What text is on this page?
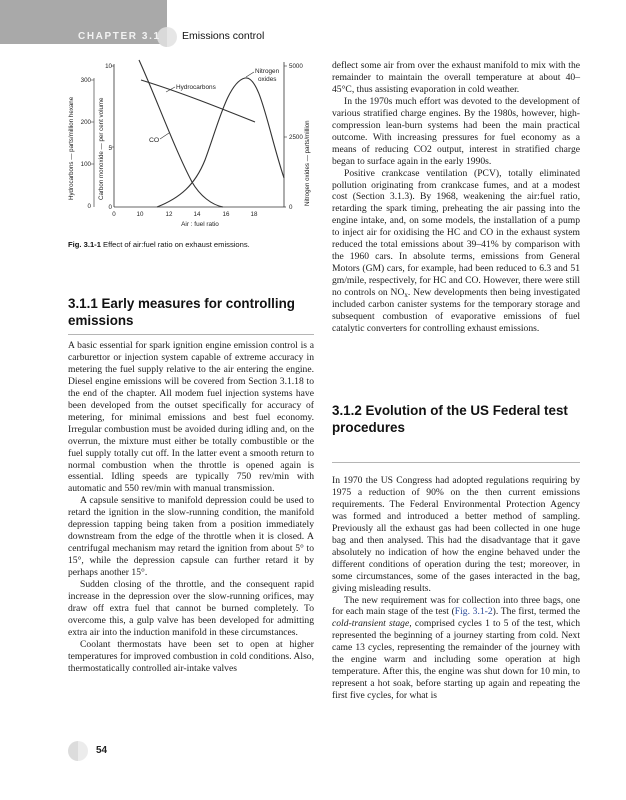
CHAPTER 3.1 Emissions control
Hydrocarbons — parts/million hexane	Carbon monoxide — per cent volume	Nitrogen oxides — parts/million
300
200
100
0
10
5
0
0	10	12	14	16	18
Air : fuel ratio
5000
2500
0
Hydrocarbons
Nitrogen
oxides
CO
Fig. 3.1-1 Effect of air:fuel ratio on exhaust emissions.
3.1.1 Early measures for controlling emissions

A basic essential for spark ignition engine emission control is a carburettor or injection system capable of extreme accuracy in metering the fuel supply relative to the air entering the engine. Diesel engine emissions will be covered from Section 3.1.18 to the end of the chapter. All modem fuel injection systems have been developed from the outset specifically for accuracy of metering, for minimal emissions and best fuel economy. Irregular combustion must be avoided during idling and, on the overrun, the mixture must either be totally combustible or the fuel supply totally cut off. In the latter event a smooth return to normal combustion when the throttle is opened again is essential. Idling speeds are typically 750 rev/min with automatic and 550 rev/min with manual transmission.

A capsule sensitive to manifold depression could be used to retard the ignition in the slow-running condition, the manifold depression tapping being taken from a position immediately downstream from the edge of the throttle when it is closed. A centrifugal mechanism may retard the ignition from about 5° to 15°, while the depression capsule can further retard it by perhaps another 15°.

Sudden closing of the throttle, and the consequent rapid increase in the depression over the slow-running orifices, may draw off extra fuel that cannot be burned completely. To overcome this, a gulp valve has been developed for admitting extra air into the induction manifold in these circumstances.

Coolant thermostats have been set to open at higher temperatures for improved combustion in cold conditions. Also, thermostatically controlled air-intake valves

deflect some air from over the exhaust manifold to mix with the remainder to maintain the overall temperature at about 40–45°C, thus assisting evaporation in cold weather.

In the 1970s much effort was devoted to the development of various stratified charge engines. By the 1980s, however, high-compression lean-burn systems had been the main practical outcome. With increasing pressures for fuel economy as a means of reducing CO2 output, interest in stratified charge began to surface again in the early 1990s.

Positive crankcase ventilation (PCV), totally eliminated pollution originating from crankcase fumes, and at a modest cost (Section 3.1.3). By 1968, weakening the air:fuel ratio, retarding the spark timing, preheating the air passing into the engine intake, and, on some models, the installation of a pump to inject air for oxidising the HC and CO in the exhaust system reduced the total emissions about 39–41% by comparison with the 1960 cars. In absolute terms, emissions from General Motors (GM) cars, for example, had been reduced to 6.3 and 51 gm/mile, respectively, for HC and CO. However, there were still no controls on $NO_x$. New developments then being investigated included carbon canister systems for the temporary storage and subsequent combustion of evaporative emissions of fuel catalytic converters for controlling exhaust emissions.

3.1.2 Evolution of the US Federal test procedures

In 1970 the US Congress had adopted regulations requiring by 1975 a reduction of 90% on the then current emissions requirements. The Federal Environmental Protection Agency was formed and introduced a better method of sampling. Previously all the exhaust gas had been collected in one huge bag and then analysed. This had the disadvantage that it gave absolutely no indication of how the engine behaved under the different conditions of operation during the test; moreover, in some circumstances, some of the gases interacted in the bag, giving misleading results.

The new requirement was for collection into three bags, one for each main stage of the test (Fig. 3.1-2). The first, termed the cold-transient stage, comprised cycles 1 to 5 of the test, which represented the beginning of a journey starting from cold. Next came 13 cycles, representing the remainder of the journey with the engine warm and including some operation at high temperature. After this, the engine was shut down for 10 min, to represent a hot soak, before starting up again and repeating the first five cycles, for what is

54
